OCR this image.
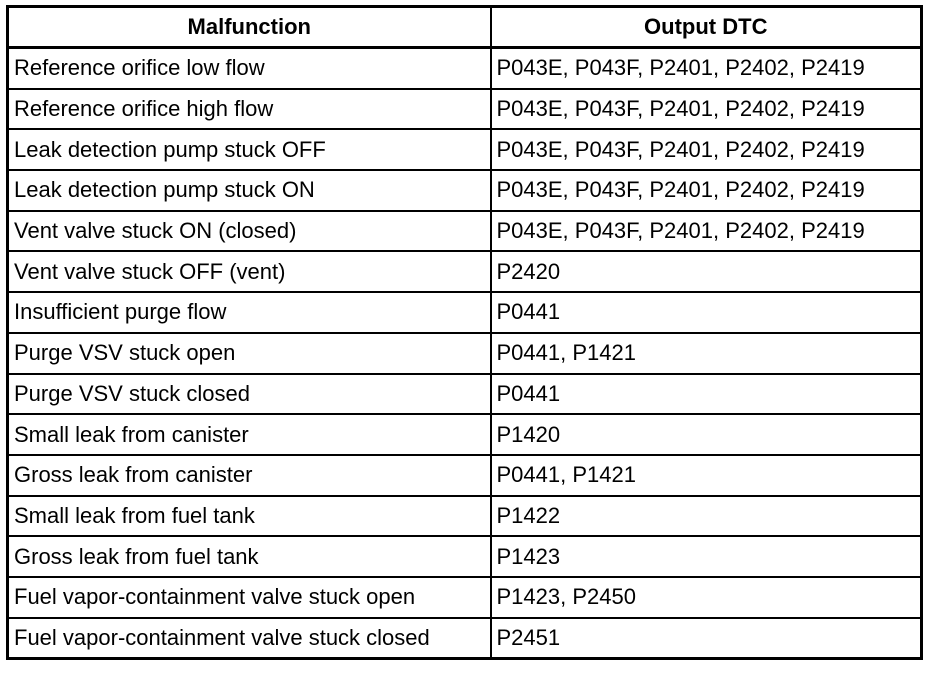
Malfunction	Output DTC
Reference orifice low flow	P043E, P043F, P2401, P2402, P2419
Reference orifice high flow	P043E, P043F, P2401, P2402, P2419
Leak detection pump stuck OFF	P043E, P043F, P2401, P2402, P2419
Leak detection pump stuck ON	P043E, P043F, P2401, P2402, P2419
Vent valve stuck ON (closed)	P043E, P043F, P2401, P2402, P2419
Vent valve stuck OFF (vent)	P2420
Insufficient purge flow	P0441
Purge VSV stuck open	P0441, P1421
Purge VSV stuck closed	P0441
Small leak from canister	P1420
Gross leak from canister	P0441, P1421
Small leak from fuel tank	P1422
Gross leak from fuel tank	P1423
Fuel vapor-containment valve stuck open	P1423, P2450
Fuel vapor-containment valve stuck closed	P2451
